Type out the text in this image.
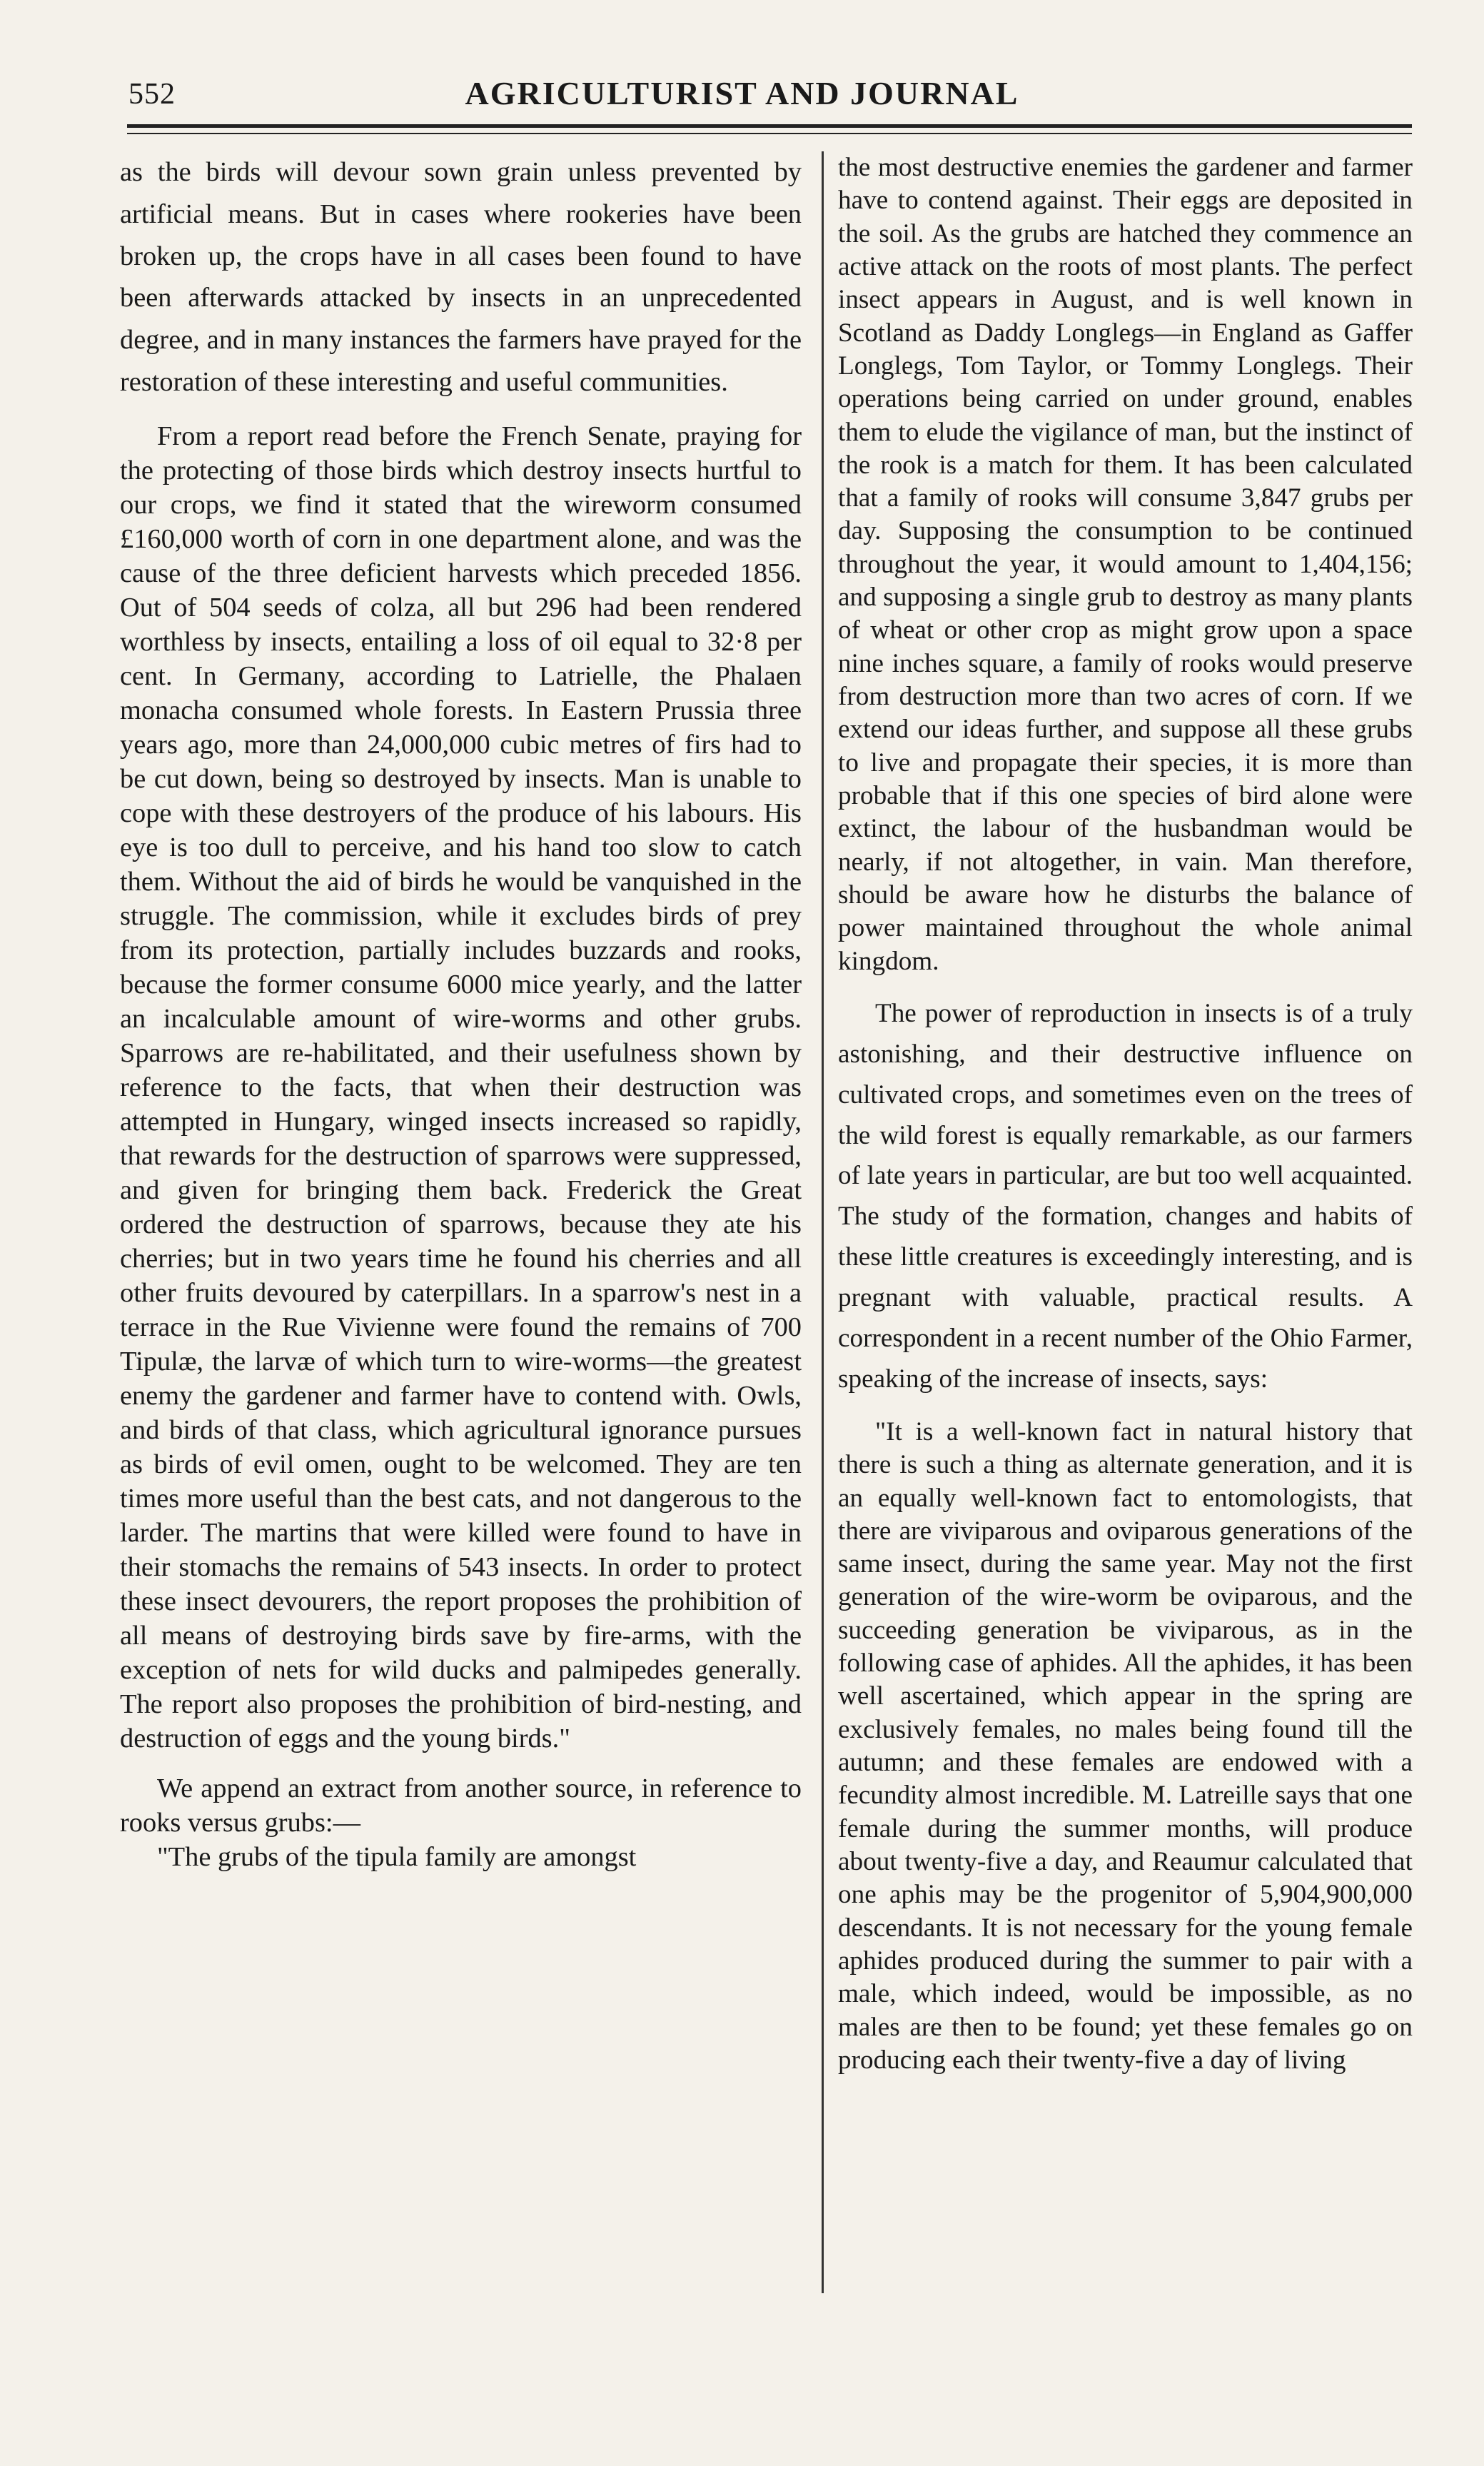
552	AGRICULTURIST AND JOURNAL

as the birds will devour sown grain unless prevented by artificial means. But in cases where rookeries have been broken up, the crops have in all cases been found to have been afterwards attacked by insects in an unprecedented degree, and in many instances the farmers have prayed for the restoration of these interesting and useful communities.

From a report read before the French Senate, praying for the protecting of those birds which destroy insects hurtful to our crops, we find it stated that the wireworm consumed £160,000 worth of corn in one department alone, and was the cause of the three deficient harvests which preceded 1856. Out of 504 seeds of colza, all but 296 had been rendered worthless by insects, entailing a loss of oil equal to 32·8 per cent. In Germany, according to Latrielle, the Phalaen monacha consumed whole forests. In Eastern Prussia three years ago, more than 24,000,000 cubic metres of firs had to be cut down, being so destroyed by insects. Man is unable to cope with these destroyers of the produce of his labours. His eye is too dull to perceive, and his hand too slow to catch them. Without the aid of birds he would be vanquished in the struggle. The commission, while it excludes birds of prey from its protection, partially includes buzzards and rooks, because the former consume 6000 mice yearly, and the latter an incalculable amount of wire-worms and other grubs. Sparrows are re-habilitated, and their usefulness shown by reference to the facts, that when their destruction was attempted in Hungary, winged insects increased so rapidly, that rewards for the destruction of sparrows were suppressed, and given for bringing them back. Frederick the Great ordered the destruction of sparrows, because they ate his cherries; but in two years time he found his cherries and all other fruits devoured by caterpillars. In a sparrow's nest in a terrace in the Rue Vivienne were found the remains of 700 Tipulæ, the larvæ of which turn to wire-worms—the greatest enemy the gardener and farmer have to contend with. Owls, and birds of that class, which agricultural ignorance pursues as birds of evil omen, ought to be welcomed. They are ten times more useful than the best cats, and not dangerous to the larder. The martins that were killed were found to have in their stomachs the remains of 543 insects. In order to protect these insect devourers, the report proposes the prohibition of all means of destroying birds save by fire-arms, with the exception of nets for wild ducks and palmipedes generally. The report also proposes the prohibition of bird-nesting, and destruction of eggs and the young birds."

We append an extract from another source, in reference to rooks versus grubs:—

"The grubs of the tipula family are amongst

the most destructive enemies the gardener and farmer have to contend against. Their eggs are deposited in the soil. As the grubs are hatched they commence an active attack on the roots of most plants. The perfect insect appears in August, and is well known in Scotland as Daddy Longlegs—in England as Gaffer Longlegs, Tom Taylor, or Tommy Longlegs. Their operations being carried on under ground, enables them to elude the vigilance of man, but the instinct of the rook is a match for them. It has been calculated that a family of rooks will consume 3,847 grubs per day. Supposing the consumption to be continued throughout the year, it would amount to 1,404,156; and supposing a single grub to destroy as many plants of wheat or other crop as might grow upon a space nine inches square, a family of rooks would preserve from destruction more than two acres of corn. If we extend our ideas further, and suppose all these grubs to live and propagate their species, it is more than probable that if this one species of bird alone were extinct, the labour of the husbandman would be nearly, if not altogether, in vain. Man therefore, should be aware how he disturbs the balance of power maintained throughout the whole animal kingdom.

The power of reproduction in insects is of a truly astonishing, and their destructive influence on cultivated crops, and sometimes even on the trees of the wild forest is equally remarkable, as our farmers of late years in particular, are but too well acquainted. The study of the formation, changes and habits of these little creatures is exceedingly interesting, and is pregnant with valuable, practical results. A correspondent in a recent number of the Ohio Farmer, speaking of the increase of insects, says:

"It is a well-known fact in natural history that there is such a thing as alternate generation, and it is an equally well-known fact to entomologists, that there are viviparous and oviparous generations of the same insect, during the same year. May not the first generation of the wire-worm be oviparous, and the succeeding generation be viviparous, as in the following case of aphides. All the aphides, it has been well ascertained, which appear in the spring are exclusively females, no males being found till the autumn; and these females are endowed with a fecundity almost incredible. M. Latreille says that one female during the summer months, will produce about twenty-five a day, and Reaumur calculated that one aphis may be the progenitor of 5,904,900,000 descendants. It is not necessary for the young female aphides produced during the summer to pair with a male, which indeed, would be impossible, as no males are then to be found; yet these females go on producing each their twenty-five a day of living
